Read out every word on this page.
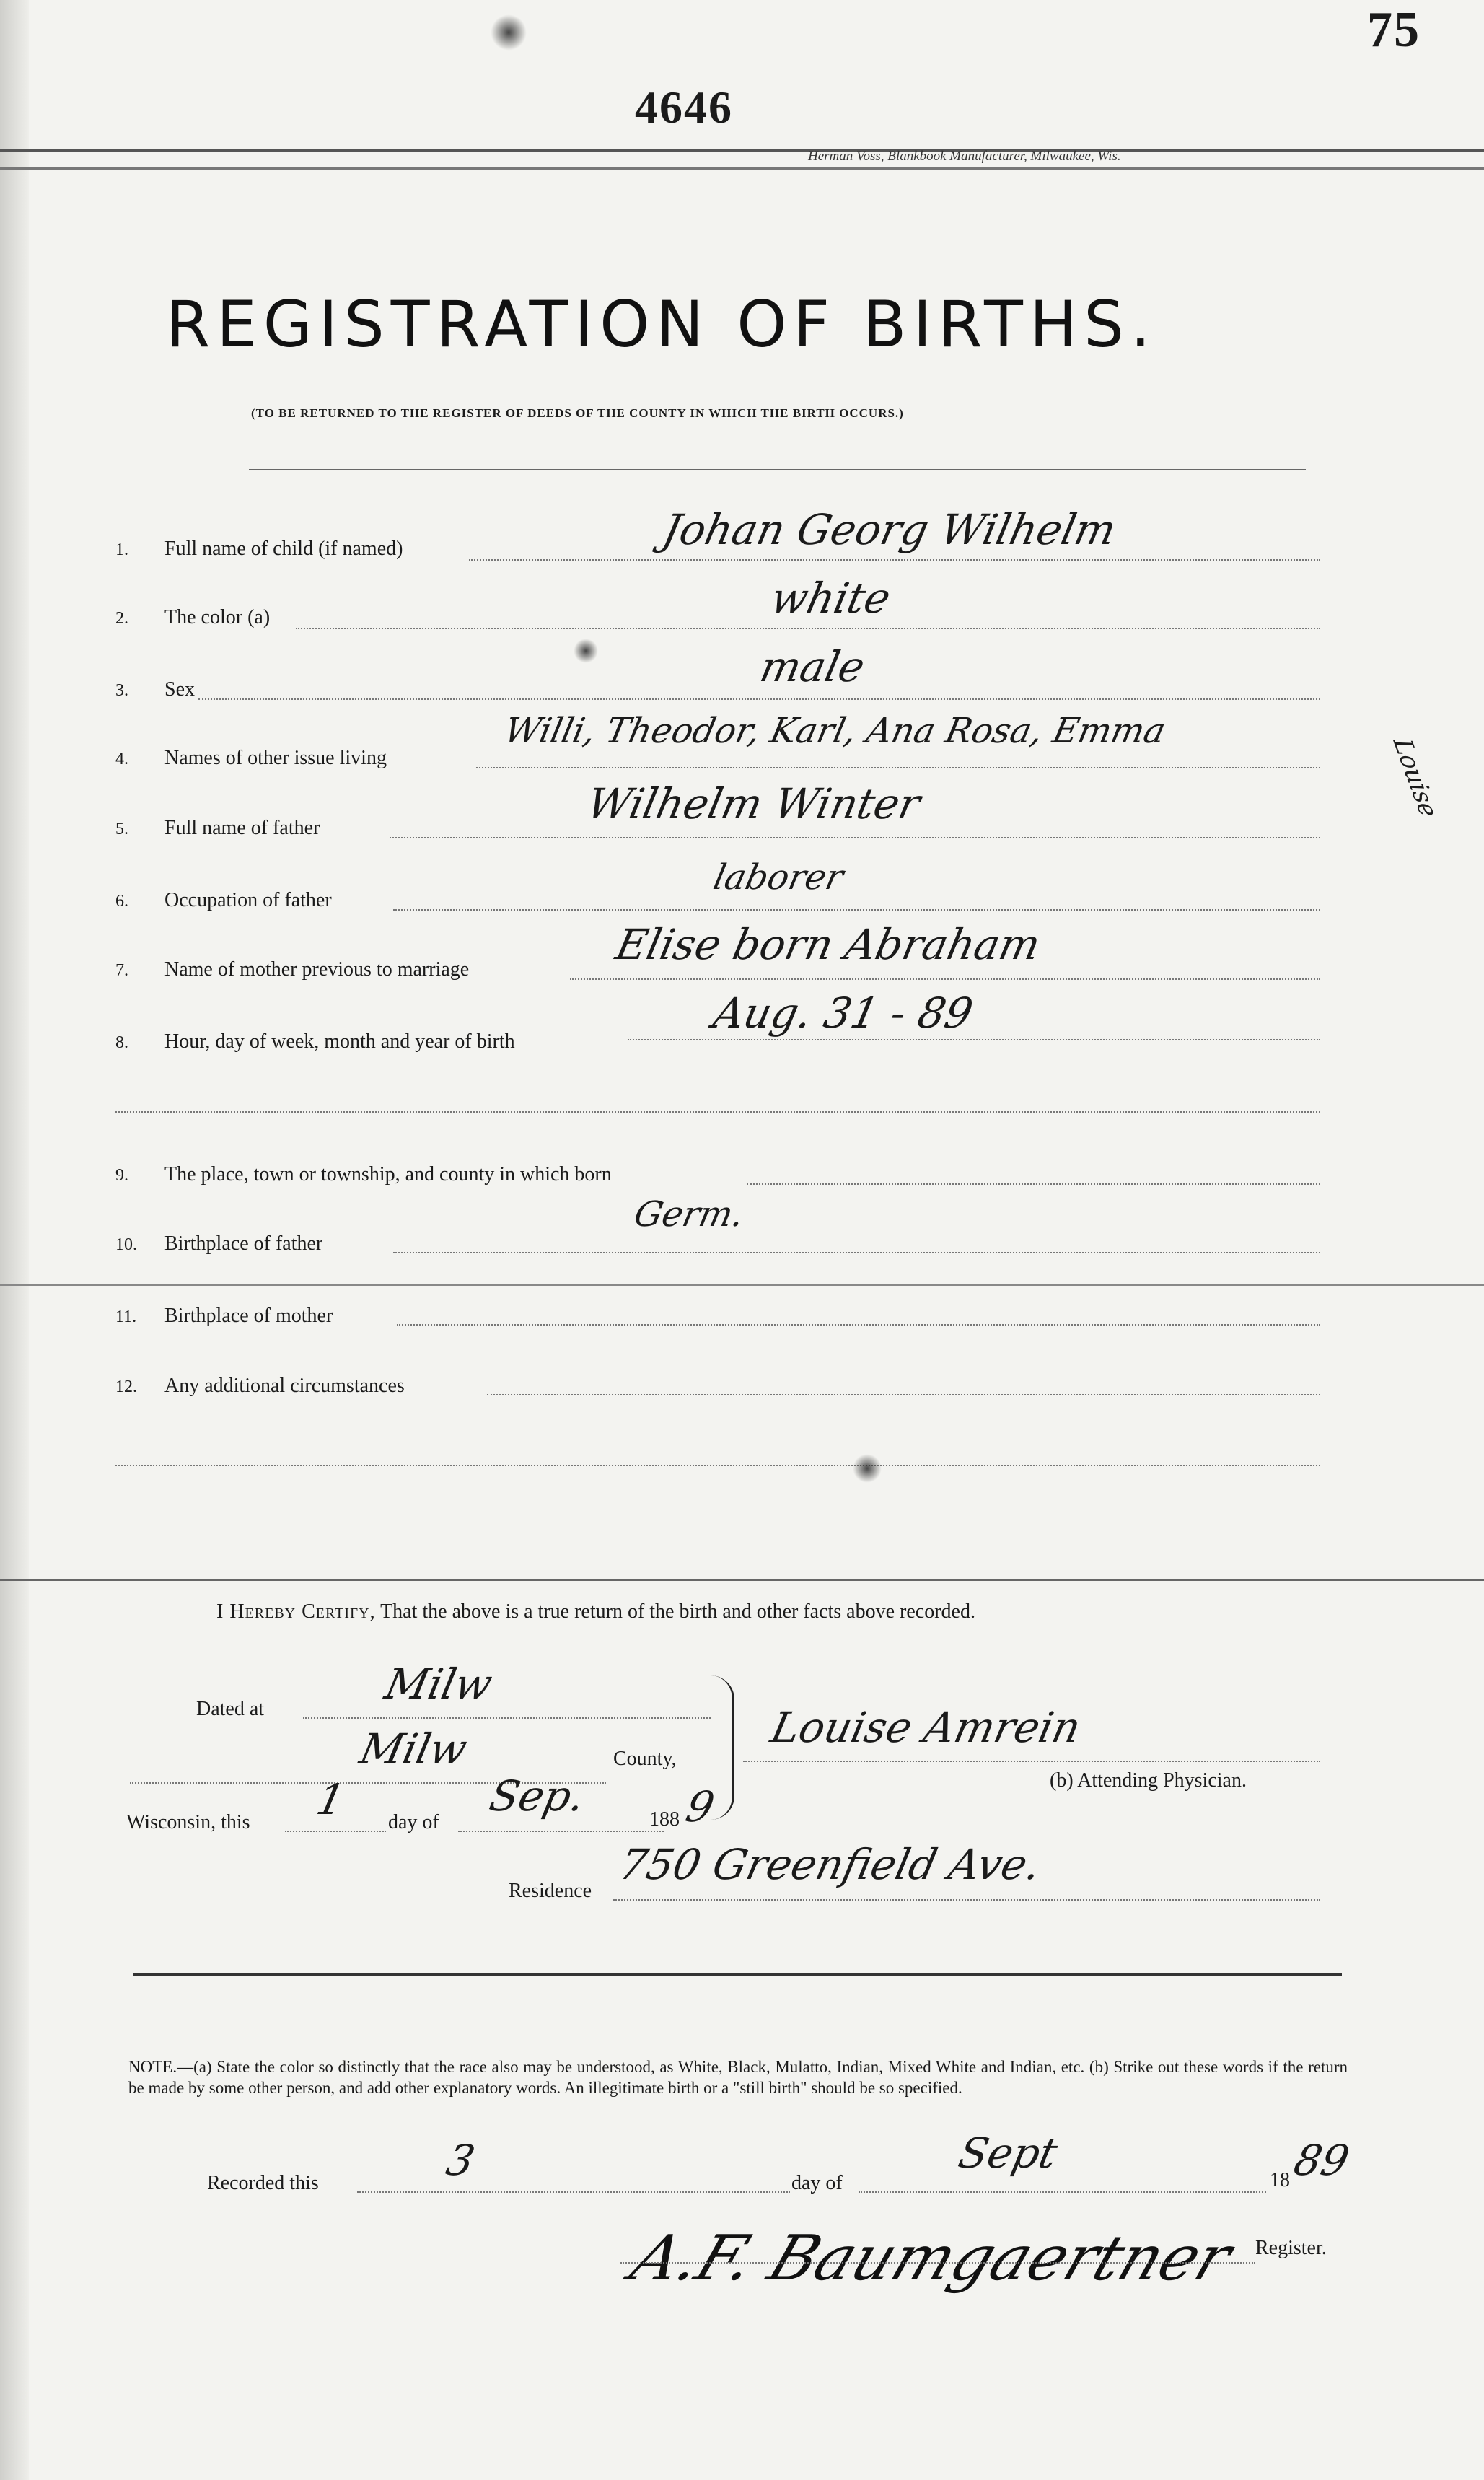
75
4646
Herman Voss, Blankbook Manufacturer, Milwaukee, Wis.
REGISTRATION OF BIRTHS.
(TO BE RETURNED TO THE REGISTER OF DEEDS OF THE COUNTY IN WHICH THE BIRTH OCCURS.)
1. Full name of child (if named)	Johan Georg Wilhelm
2. The color (a)	white
3. Sex	male
4. Names of other issue living
Willi, Theodor, Karl, Ana Rosa, Emma
Louise
5. Full name of father	Wilhelm Winter
6. Occupation of father
laborer
7. Name of mother previous to marriage
Elise born Abraham
8. Hour, day of week, month and year of birth
Aug. 31 - 89
9. The place, town or township, and county in which born
10. Birthplace of father
Germ.
11. Birthplace of mother
12. Any additional circumstances
I Hereby Certify, That the above is a true return of the birth and other facts above recorded.
Dated at
Milw
Milw	County,
Wisconsin, this 1 day of
Sep.	188 9
Louise Amrein
(b) Attending Physician.
Residence
750 Greenfield Ave.
NOTE.—(a) State the color so distinctly that the race also may be understood, as White, Black, Mulatto, Indian, Mixed White and Indian, etc. (b) Strike out these words if the return be made by some other person, and add other explanatory words. An illegitimate birth or a "still birth" should be so specified.
Recorded this	3	day of
Sept
18 89
A.F. Baumgaertner Register.
